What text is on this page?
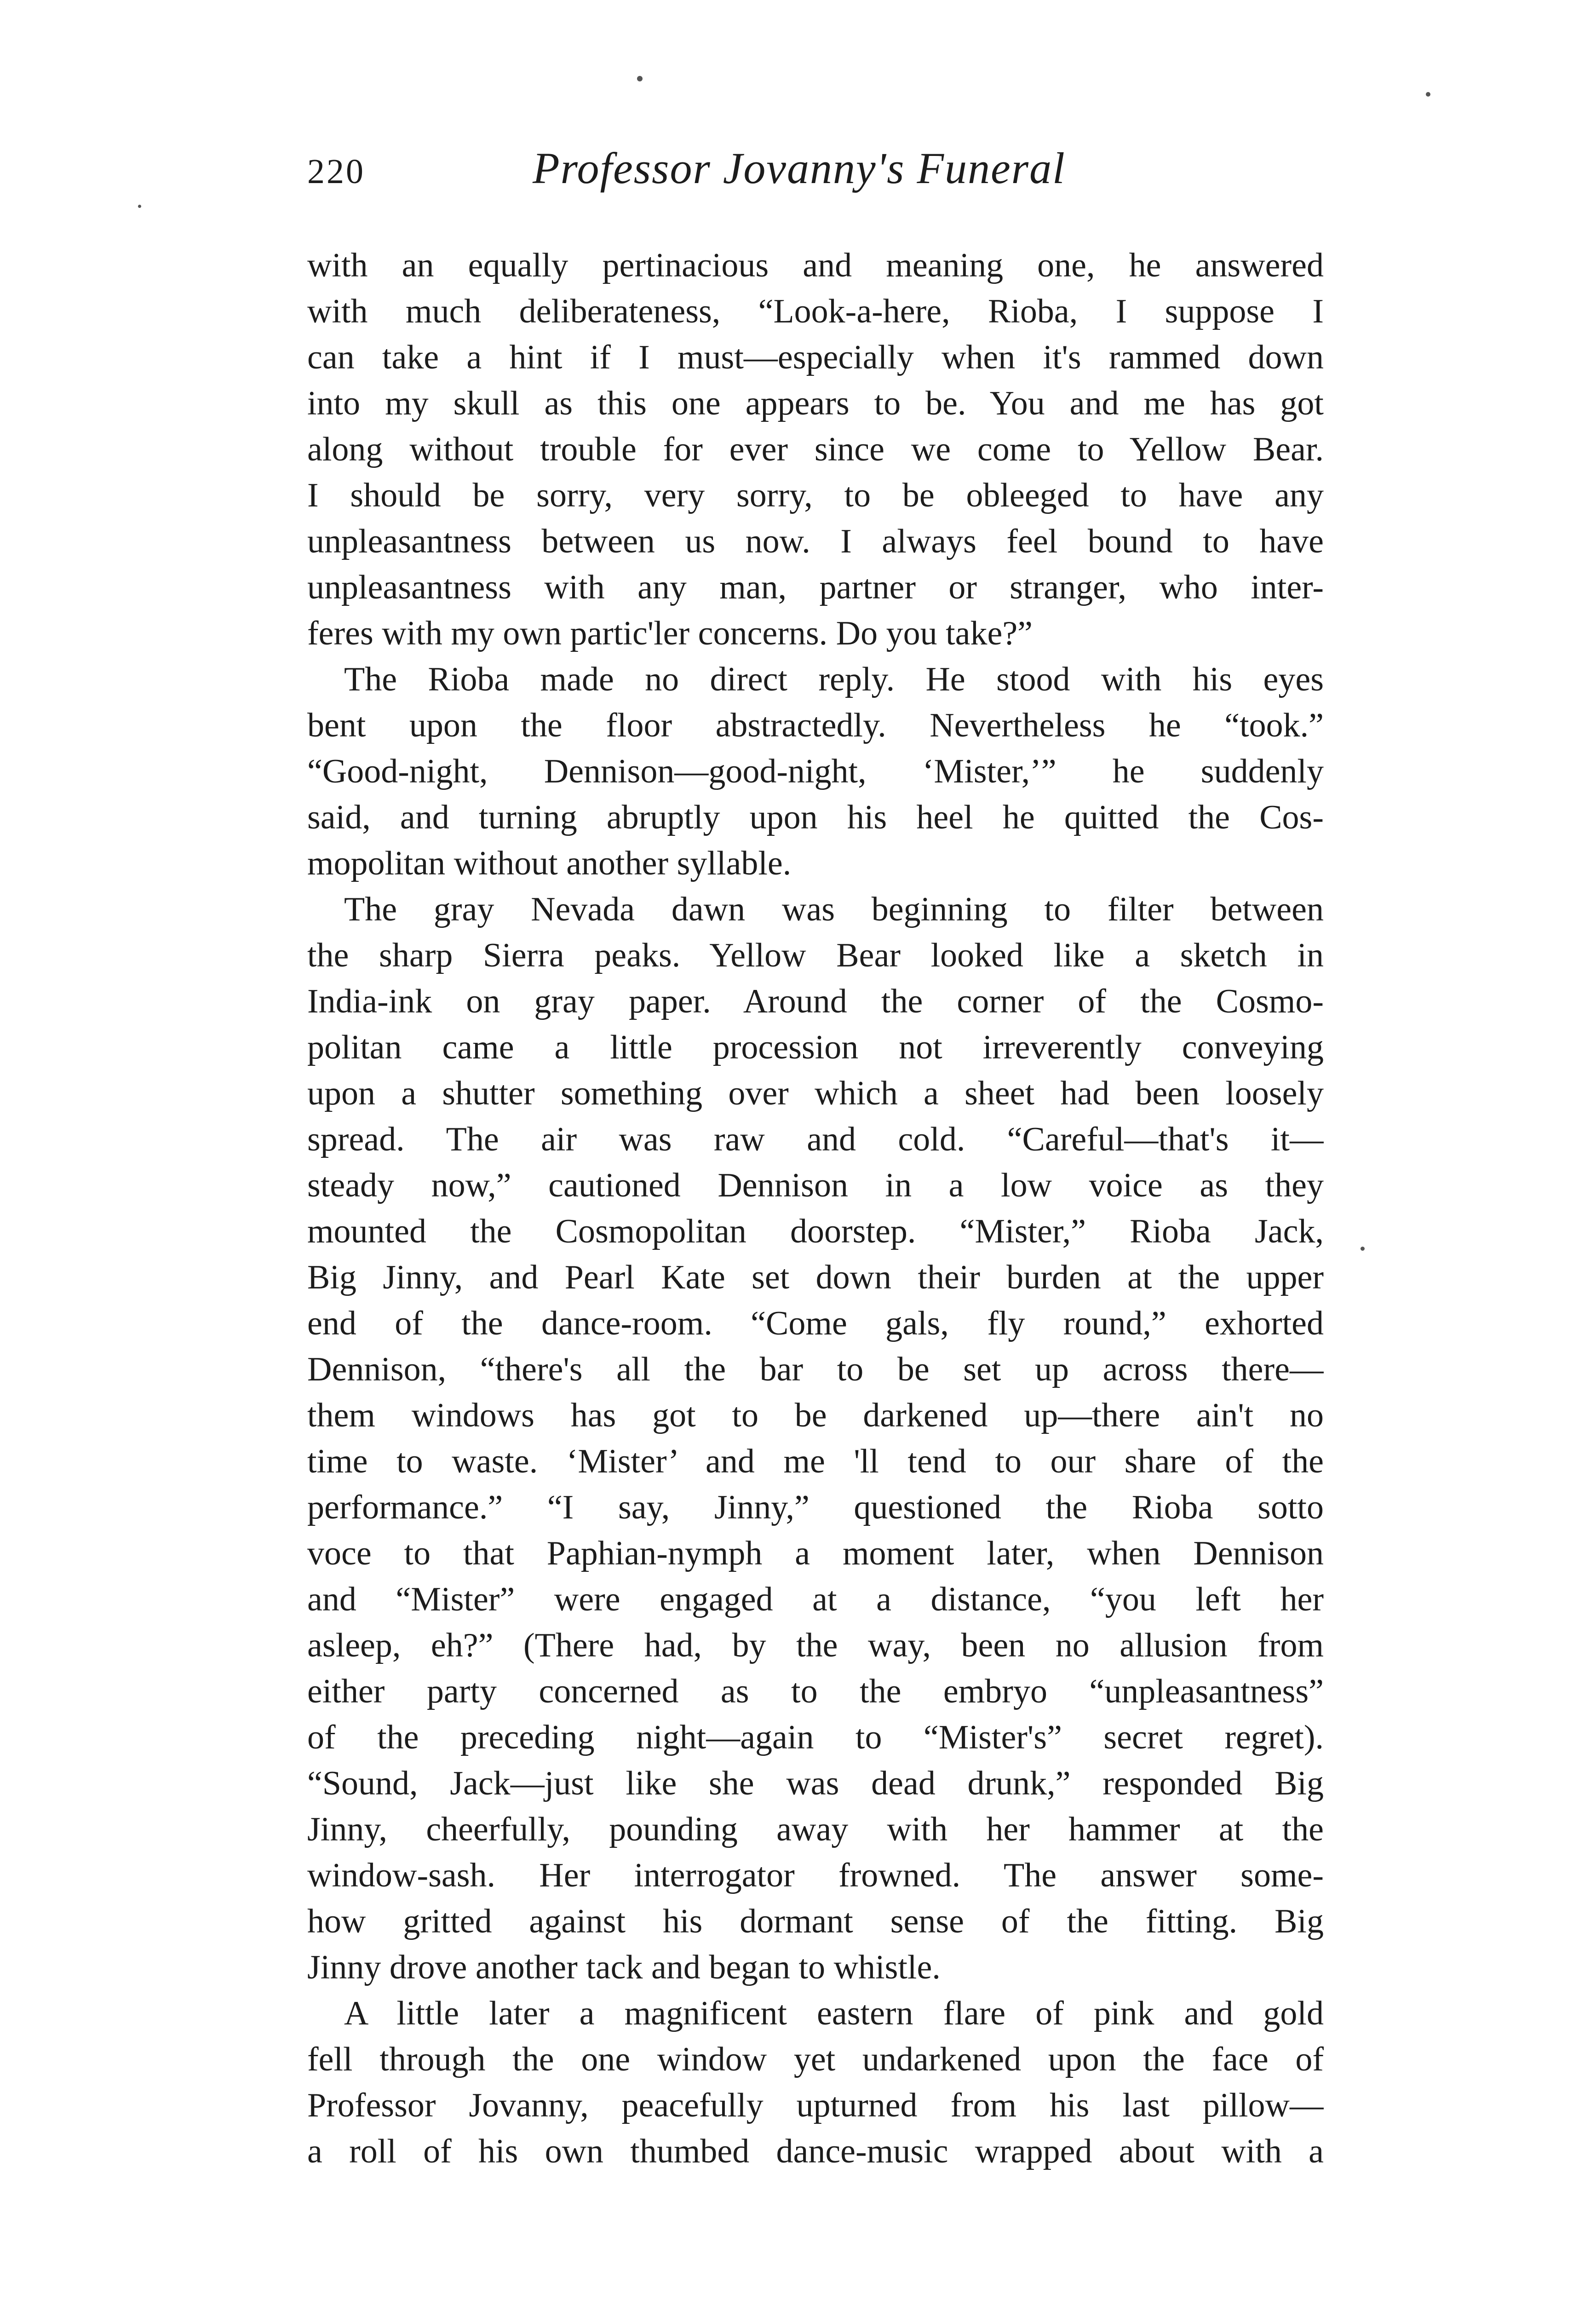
220	Professor Jovanny's Funeral
with an equally pertinacious and meaning one, he answered
with much deliberateness, “Look-a-here, Rioba, I suppose I
can take a hint if I must—especially when it's rammed down
into my skull as this one appears to be. You and me has got
along without trouble for ever since we come to Yellow Bear.
I should be sorry, very sorry, to be obleeged to have any
unpleasantness between us now. I always feel bound to have
unpleasantness with any man, partner or stranger, who inter-
feres with my own partic'ler concerns. Do you take?”
The Rioba made no direct reply. He stood with his eyes
bent upon the floor abstractedly. Nevertheless he “took.”
“Good-night, Dennison—good-night, ‘Mister,’” he suddenly
said, and turning abruptly upon his heel he quitted the Cos-
mopolitan without another syllable.
The gray Nevada dawn was beginning to filter between
the sharp Sierra peaks. Yellow Bear looked like a sketch in
India-ink on gray paper. Around the corner of the Cosmo-
politan came a little procession not irreverently conveying
upon a shutter something over which a sheet had been loosely
spread. The air was raw and cold. “Careful—that's it—
steady now,” cautioned Dennison in a low voice as they
mounted the Cosmopolitan doorstep. “Mister,” Rioba Jack,
Big Jinny, and Pearl Kate set down their burden at the upper
end of the dance-room. “Come gals, fly round,” exhorted
Dennison, “there's all the bar to be set up across there—
them windows has got to be darkened up—there ain't no
time to waste. ‘Mister’ and me 'll tend to our share of the
performance.” “I say, Jinny,” questioned the Rioba sotto
voce to that Paphian-nymph a moment later, when Dennison
and “Mister” were engaged at a distance, “you left her
asleep, eh?” (There had, by the way, been no allusion from
either party concerned as to the embryo “unpleasantness”
of the preceding night—again to “Mister's” secret regret).
“Sound, Jack—just like she was dead drunk,” responded Big
Jinny, cheerfully, pounding away with her hammer at the
window-sash. Her interrogator frowned. The answer some-
how gritted against his dormant sense of the fitting. Big
Jinny drove another tack and began to whistle.
A little later a magnificent eastern flare of pink and gold
fell through the one window yet undarkened upon the face of
Professor Jovanny, peacefully upturned from his last pillow—
a roll of his own thumbed dance-music wrapped about with a
